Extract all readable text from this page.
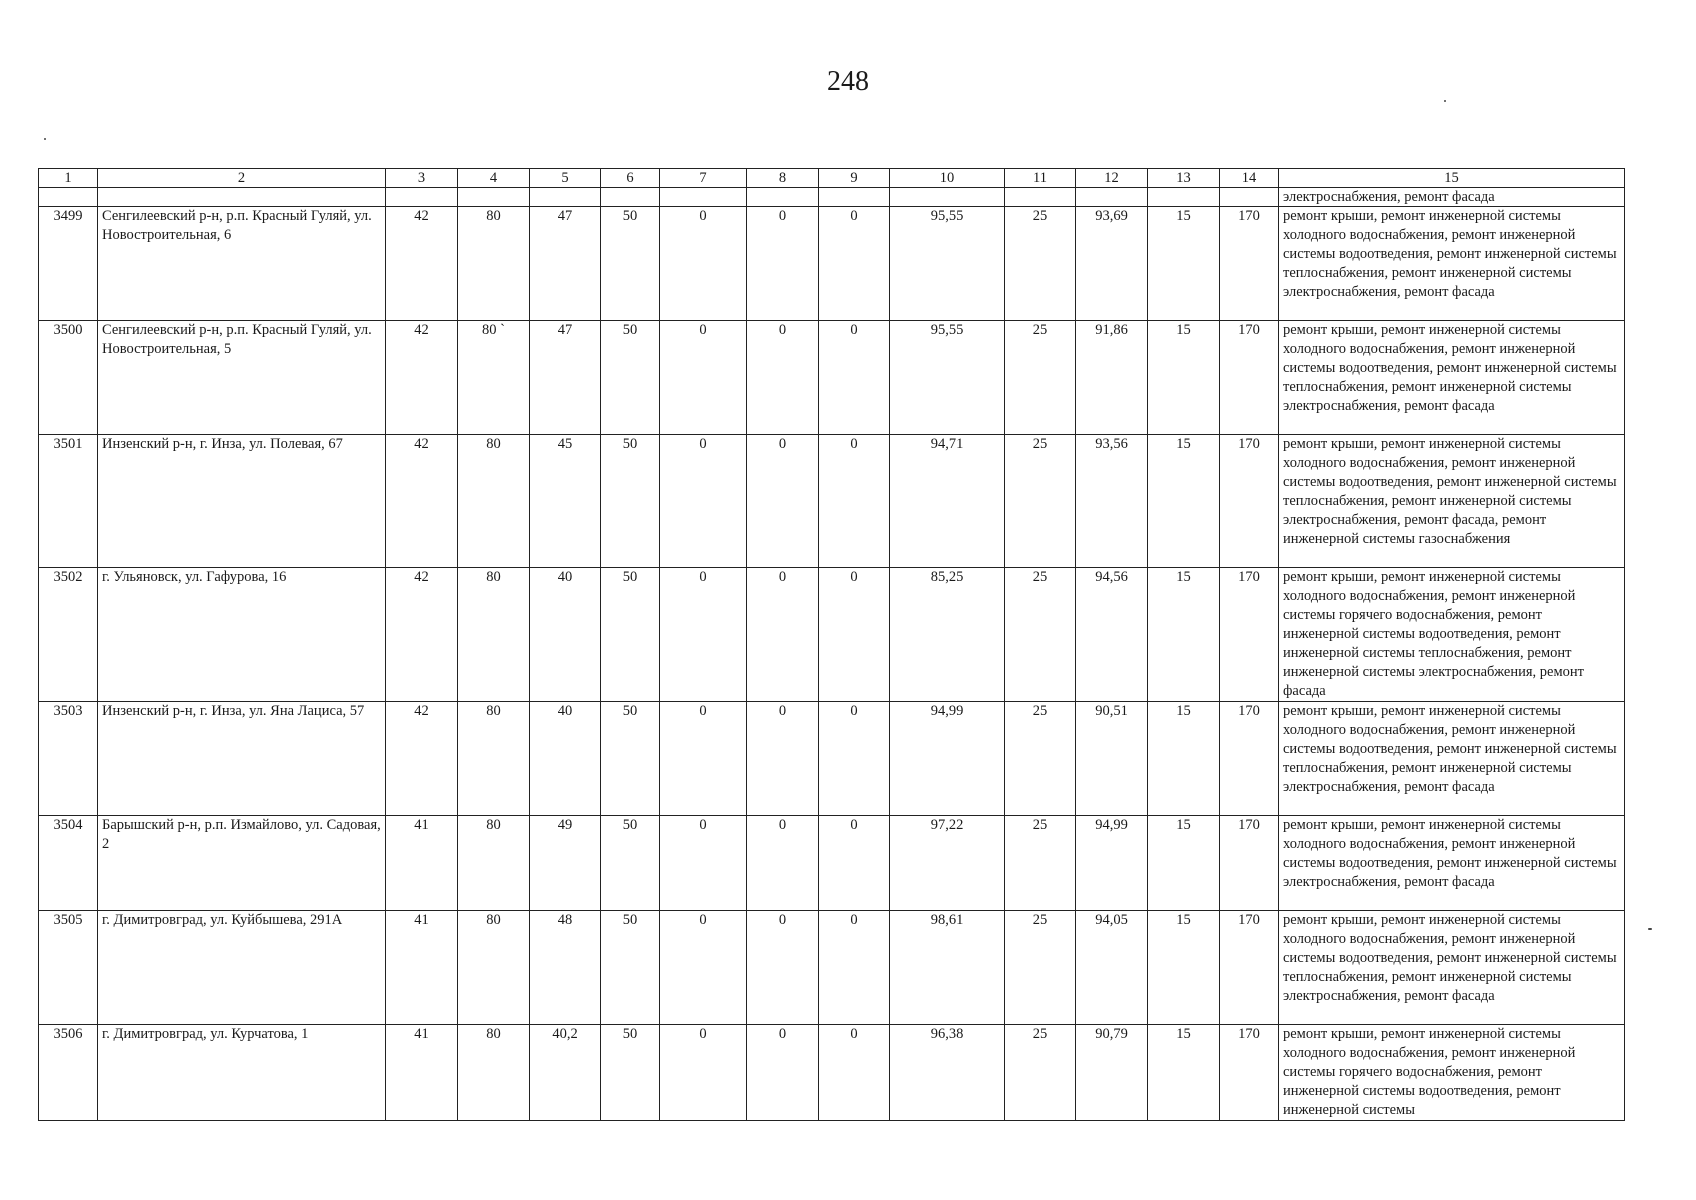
248
1	2	3	4	5	6	7	8	9	10	11	12	13	14	15
														электроснабжения, ремонт фасада
3499	Сенгилеевский р-н, р.п. Красный Гуляй, ул. Новостроительная, 6	42	80	47	50	0	0	0	95,55	25	93,69	15	170	ремонт крыши, ремонт инженерной системы холодного водоснабжения, ремонт инженерной системы водоотведения, ремонт инженерной системы теплоснабжения, ремонт инженерной системы электроснабжения, ремонт фасада
3500	Сенгилеевский р-н, р.п. Красный Гуляй, ул. Новостроительная, 5	42	80 `	47	50	0	0	0	95,55	25	91,86	15	170	ремонт крыши, ремонт инженерной системы холодного водоснабжения, ремонт инженерной системы водоотведения, ремонт инженерной системы теплоснабжения, ремонт инженерной системы электроснабжения, ремонт фасада
3501	Инзенский р-н, г. Инза, ул. Полевая, 67	42	80	45	50	0	0	0	94,71	25	93,56	15	170	ремонт крыши, ремонт инженерной системы холодного водоснабжения, ремонт инженерной системы водоотведения, ремонт инженерной системы теплоснабжения, ремонт инженерной системы электроснабжения, ремонт фасада, ремонт инженерной системы газоснабжения
3502	г. Ульяновск, ул. Гафурова, 16	42	80	40	50	0	0	0	85,25	25	94,56	15	170	ремонт крыши, ремонт инженерной системы холодного водоснабжения, ремонт инженерной системы горячего водоснабжения, ремонт инженерной системы водоотведения, ремонт инженерной системы теплоснабжения, ремонт инженерной системы электроснабжения, ремонт фасада
3503	Инзенский р-н, г. Инза, ул. Яна Лациса, 57	42	80	40	50	0	0	0	94,99	25	90,51	15	170	ремонт крыши, ремонт инженерной системы холодного водоснабжения, ремонт инженерной системы водоотведения, ремонт инженерной системы теплоснабжения, ремонт инженерной системы электроснабжения, ремонт фасада
3504	Барышский р-н, р.п. Измайлово, ул. Садовая, 2	41	80	49	50	0	0	0	97,22	25	94,99	15	170	ремонт крыши, ремонт инженерной системы холодного водоснабжения, ремонт инженерной системы водоотведения, ремонт инженерной системы электроснабжения, ремонт фасада
3505	г. Димитровград, ул. Куйбышева, 291А	41	80	48	50	0	0	0	98,61	25	94,05	15	170	ремонт крыши, ремонт инженерной системы холодного водоснабжения, ремонт инженерной системы водоотведения, ремонт инженерной системы теплоснабжения, ремонт инженерной системы электроснабжения, ремонт фасада
3506	г. Димитровград, ул. Курчатова, 1	41	80	40,2	50	0	0	0	96,38	25	90,79	15	170	ремонт крыши, ремонт инженерной системы холодного водоснабжения, ремонт инженерной системы горячего водоснабжения, ремонт инженерной системы водоотведения, ремонт инженерной системы
